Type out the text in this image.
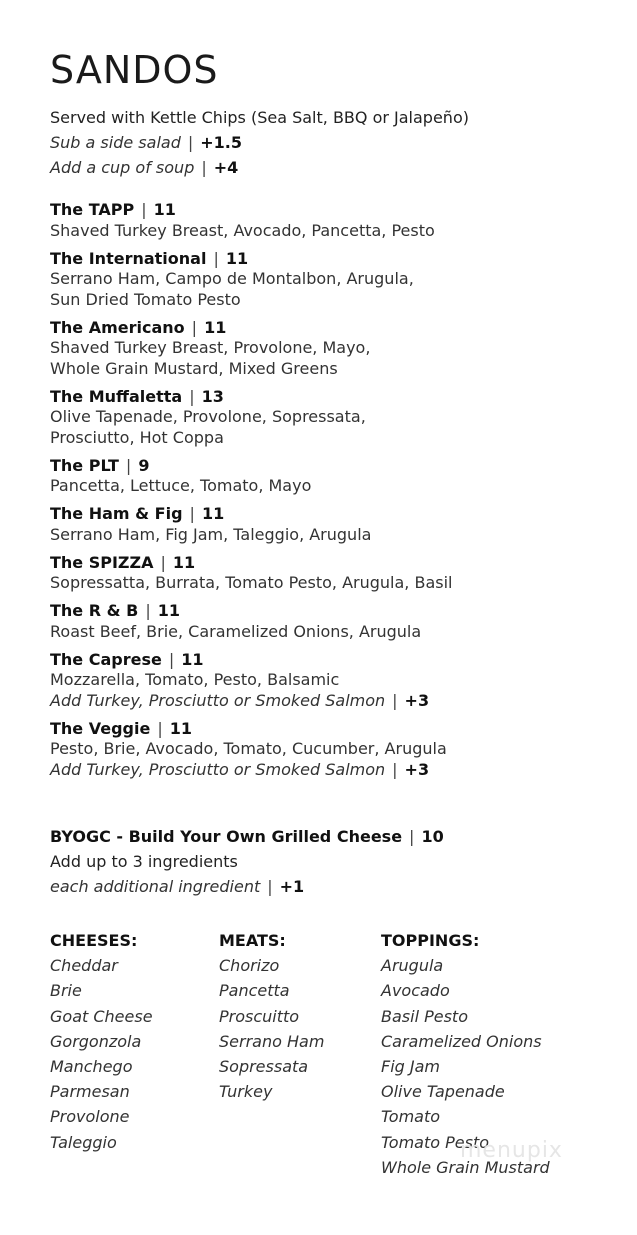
SANDOS
Served with Kettle Chips (Sea Salt, BBQ or Jalapeño)
Sub a side salad | +1.5
Add a cup of soup | +4
The TAPP | 11
Shaved Turkey Breast, Avocado, Pancetta, Pesto
The International | 11
Serrano Ham, Campo de Montalbon, Arugula,
Sun Dried Tomato Pesto
The Americano | 11
Shaved Turkey Breast, Provolone, Mayo,
Whole Grain Mustard, Mixed Greens
The Muffaletta | 13
Olive Tapenade, Provolone, Sopressata,
Prosciutto, Hot Coppa
The PLT | 9
Pancetta, Lettuce, Tomato, Mayo
The Ham & Fig | 11
Serrano Ham, Fig Jam, Taleggio, Arugula
The SPIZZA | 11
Sopressatta, Burrata, Tomato Pesto, Arugula, Basil
The R & B | 11
Roast Beef, Brie, Caramelized Onions, Arugula
The Caprese | 11
Mozzarella, Tomato, Pesto, Balsamic
Add Turkey, Prosciutto or Smoked Salmon | +3
The Veggie | 11
Pesto, Brie, Avocado, Tomato, Cucumber, Arugula
Add Turkey, Prosciutto or Smoked Salmon | +3
BYOGC - Build Your Own Grilled Cheese | 10
Add up to 3 ingredients
each additional ingredient | +1
CHEESES:
Cheddar
Brie
Goat Cheese
Gorgonzola
Manchego
Parmesan
Provolone
Taleggio
MEATS:
Chorizo
Pancetta
Proscuitto
Serrano Ham
Sopressata
Turkey
TOPPINGS:
Arugula
Avocado
Basil Pesto
Caramelized Onions
Fig Jam
Olive Tapenade
Tomato
Tomato Pesto
Whole Grain Mustard
menupix
